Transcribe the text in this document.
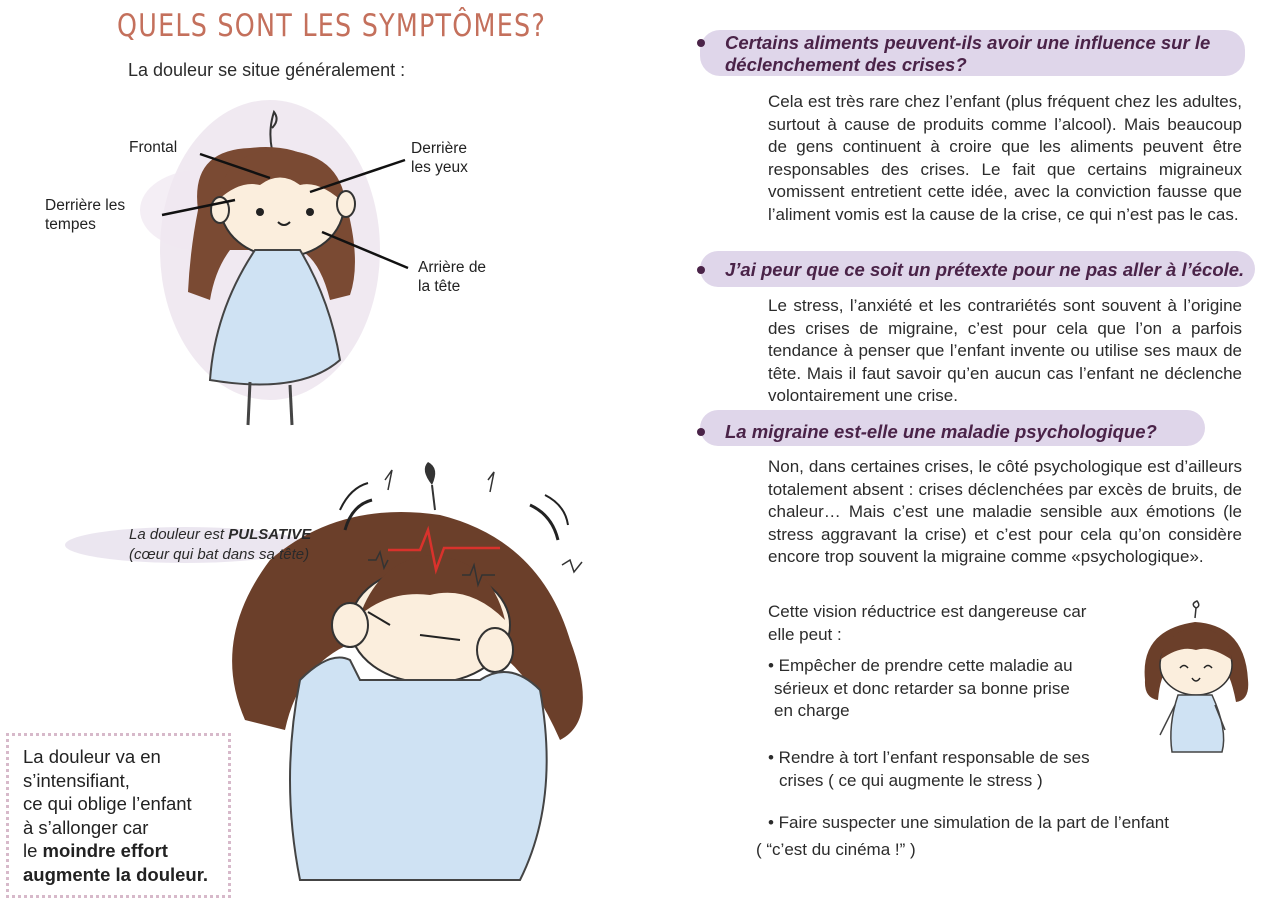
QUELS SONT LES SYMPTÔMES?
La douleur se situe généralement :
Frontal	Derrière
les yeux
Derrière les
tempes
Arrière de
la tête
La douleur est PULSATIVE
(cœur qui bat dans sa tête)
La douleur va en
s’intensifiant,
ce qui oblige l’enfant
à s’allonger car
le moindre effort
augmente la douleur.
Certains aliments peuvent-ils avoir une influence sur le déclenchement des crises?
Cela est très rare chez l’enfant (plus fréquent chez les adultes, surtout à cause de produits comme l’alcool). Mais beaucoup de gens continuent à croire que les aliments peuvent être responsables des crises. Le fait que certains migraineux vomissent entretient cette idée, avec la conviction fausse que l’aliment vomis est la cause de la crise, ce qui n’est pas le cas.
J’ai peur que ce soit un prétexte pour ne pas aller à l’école.
Le stress, l’anxiété et les contrariétés sont souvent à l’origine des crises de migraine, c’est pour cela que l’on a parfois tendance à penser que l’enfant invente ou utilise ses maux de tête. Mais il faut savoir qu’en aucun cas l’enfant ne déclenche volontairement une crise.
La migraine est-elle une maladie psychologique?
Non, dans certaines crises, le côté psychologique est d’ailleurs totalement absent : crises déclenchées par excès de bruits, de chaleur… Mais c’est une maladie sensible aux émotions (le stress aggravant la crise) et c’est pour cela qu’on considère encore trop souvent la migraine comme «psychologique».
Cette vision réductrice est dangereuse car
elle peut :
• Empêcher de prendre cette maladie au
sérieux et donc retarder sa bonne prise
en charge
• Rendre à tort l’enfant responsable de ses
crises ( ce qui augmente le stress )
• Faire suspecter une simulation de la part de l’enfant
( “c’est du cinéma !” )
